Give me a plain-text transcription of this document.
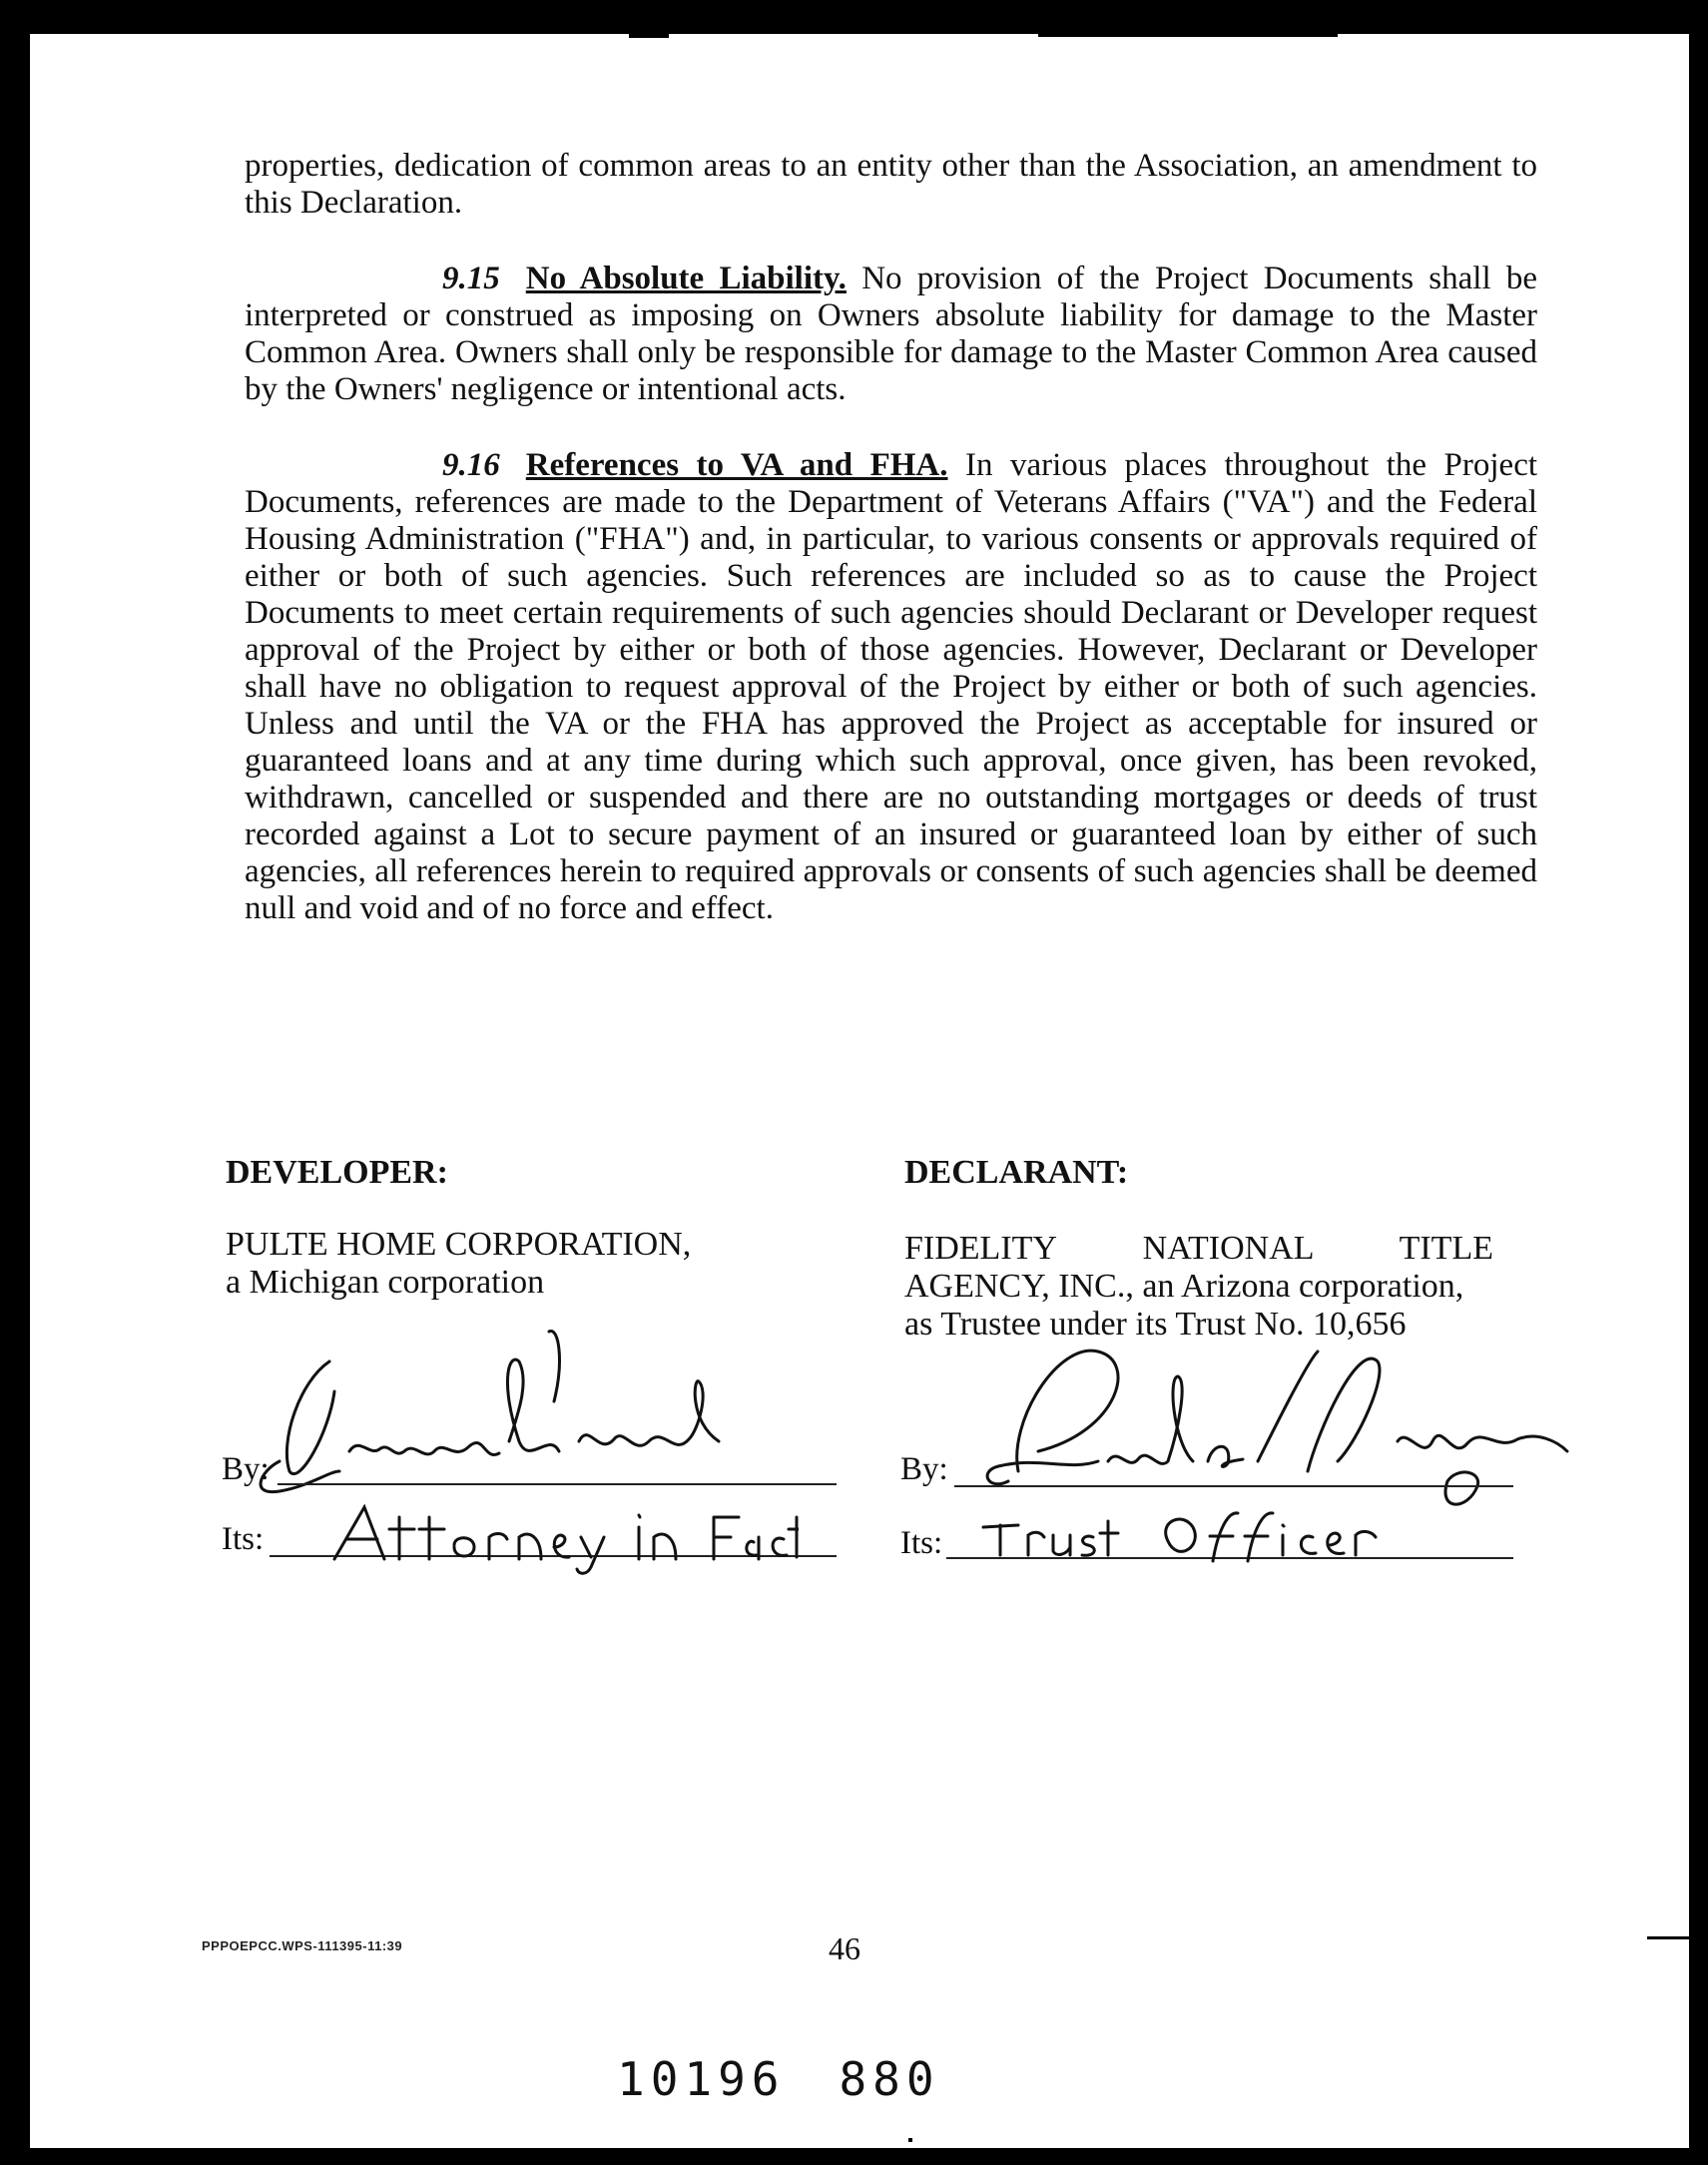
properties, dedication of common areas to an entity other than the Association, an amendment to this Declaration.

9.15 No Absolute Liability. No provision of the Project Documents shall be interpreted or construed as imposing on Owners absolute liability for damage to the Master Common Area. Owners shall only be responsible for damage to the Master Common Area caused by the Owners' negligence or intentional acts.

9.16 References to VA and FHA. In various places throughout the Project Documents, references are made to the Department of Veterans Affairs ("VA") and the Federal Housing Administration ("FHA") and, in particular, to various consents or approvals required of either or both of such agencies. Such references are included so as to cause the Project Documents to meet certain requirements of such agencies should Declarant or Developer request approval of the Project by either or both of those agencies. However, Declarant or Developer shall have no obligation to request approval of the Project by either or both of such agencies. Unless and until the VA or the FHA has approved the Project as acceptable for insured or guaranteed loans and at any time during which such approval, once given, has been revoked, withdrawn, cancelled or suspended and there are no outstanding mortgages or deeds of trust recorded against a Lot to secure payment of an insured or guaranteed loan by either of such agencies, all references herein to required approvals or consents of such agencies shall be deemed null and void and of no force and effect.

DEVELOPER:
PULTE HOME CORPORATION,
a Michigan corporation
By:
Its:
DECLARANT:
FIDELITY NATIONAL TITLE
AGENCY, INC., an Arizona corporation,
as Trustee under its Trust No. 10,656
By:
Its:
PPPOEPCC.WPS-111395-11:39	46
10196 880
